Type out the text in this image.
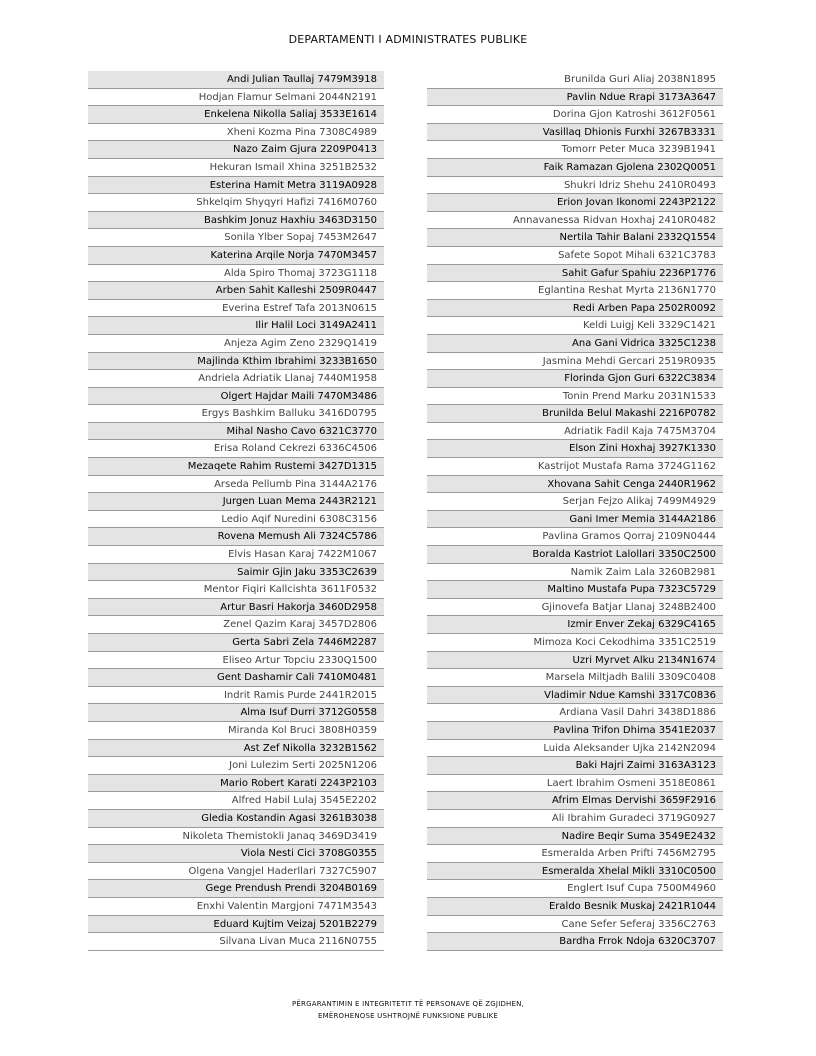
DEPARTAMENTI I ADMINISTRATES PUBLIKE
Andi Julian Taullaj 7479M3918
Hodjan Flamur Selmani 2044N2191
Enkelena Nikolla Saliaj 3533E1614
Xheni Kozma Pina 7308C4989
Nazo Zaim Gjura 2209P0413
Hekuran Ismail Xhina 3251B2532
Esterina Hamit Metra 3119A0928
Shkelqim Shyqyri Hafizi 7416M0760
Bashkim Jonuz Haxhiu 3463D3150
Sonila Ylber Sopaj 7453M2647
Katerina Arqile Norja 7470M3457
Alda Spiro Thomaj 3723G1118
Arben Sahit Kalleshi 2509R0447
Everina Estref Tafa 2013N0615
Ilir Halil Loci 3149A2411
Anjeza Agim Zeno 2329Q1419
Majlinda Kthim Ibrahimi 3233B1650
Andriela Adriatik Llanaj 7440M1958
Olgert Hajdar Maili 7470M3486
Ergys Bashkim Balluku 3416D0795
Mihal Nasho Cavo 6321C3770
Erisa Roland Cekrezi 6336C4506
Mezaqete Rahim Rustemi 3427D1315
Arseda Pellumb Pina 3144A2176
Jurgen Luan Mema 2443R2121
Ledio Aqif Nuredini 6308C3156
Rovena Memush Ali 7324C5786
Elvis Hasan Karaj 7422M1067
Saimir Gjin Jaku 3353C2639
Mentor Fiqiri Kallcishta 3611F0532
Artur Basri Hakorja 3460D2958
Zenel Qazim Karaj 3457D2806
Gerta Sabri Zela 7446M2287
Eliseo Artur Topciu 2330Q1500
Gent Dashamir Cali 7410M0481
Indrit Ramis Purde 2441R2015
Alma Isuf Durri 3712G0558
Miranda Kol Bruci 3808H0359
Ast Zef Nikolla 3232B1562
Joni Lulezim Serti 2025N1206
Mario Robert Karati 2243P2103
Alfred Habil Lulaj 3545E2202
Gledia Kostandin Agasi 3261B3038
Nikoleta Themistokli Janaq 3469D3419
Viola Nesti Cici 3708G0355
Olgena Vangjel Haderllari 7327C5907
Gege Prendush Prendi 3204B0169
Enxhi Valentin Margjoni 7471M3543
Eduard Kujtim Veizaj 5201B2279
Silvana Livan Muca 2116N0755
Brunilda Guri Aliaj 2038N1895
Pavlin Ndue Rrapi 3173A3647
Dorina Gjon Katroshi 3612F0561
Vasillaq Dhionis Furxhi 3267B3331
Tomorr Peter Muca 3239B1941
Faik Ramazan Gjolena 2302Q0051
Shukri Idriz Shehu 2410R0493
Erion Jovan Ikonomi 2243P2122
Annavanessa Ridvan Hoxhaj 2410R0482
Nertila Tahir Balani 2332Q1554
Safete Sopot Mihali 6321C3783
Sahit Gafur Spahiu 2236P1776
Eglantina Reshat Myrta 2136N1770
Redi Arben Papa 2502R0092
Keldi Luigj Keli 3329C1421
Ana Gani Vidrica 3325C1238
Jasmina Mehdi Gercari 2519R0935
Florinda Gjon Guri 6322C3834
Tonin Prend Marku 2031N1533
Brunilda Belul Makashi 2216P0782
Adriatik Fadil Kaja 7475M3704
Elson Zini Hoxhaj 3927K1330
Kastrijot Mustafa Rama 3724G1162
Xhovana Sahit Cenga 2440R1962
Serjan Fejzo Alikaj 7499M4929
Gani Imer Memia 3144A2186
Pavlina Gramos Qorraj 2109N0444
Boralda Kastriot Lalollari 3350C2500
Namik Zaim Lala 3260B2981
Maltino Mustafa Pupa 7323C5729
Gjinovefa Batjar Llanaj 3248B2400
Izmir Enver Zekaj 6329C4165
Mimoza Koci Cekodhima 3351C2519
Uzri Myrvet Alku 2134N1674
Marsela Miltjadh Balili 3309C0408
Vladimir Ndue Kamshi 3317C0836
Ardiana Vasil Dahri 3438D1886
Pavlina Trifon Dhima 3541E2037
Luida Aleksander Ujka 2142N2094
Baki Hajri Zaimi 3163A3123
Laert Ibrahim Osmeni 3518E0861
Afrim Elmas Dervishi 3659F2916
Ali Ibrahim Guradeci 3719G0927
Nadire Beqir Suma 3549E2432
Esmeralda Arben Prifti 7456M2795
Esmeralda Xhelal Mikli 3310C0500
Englert Isuf Cupa 7500M4960
Eraldo Besnik Muskaj 2421R1044
Cane Sefer Seferaj 3356C2763
Bardha Frrok Ndoja 6320C3707
PËRGARANTIMIN E INTEGRITETIT TË PERSONAVE QË ZGJIDHEN,
EMËROHENOSE USHTROJNË FUNKSIONE PUBLIKE
